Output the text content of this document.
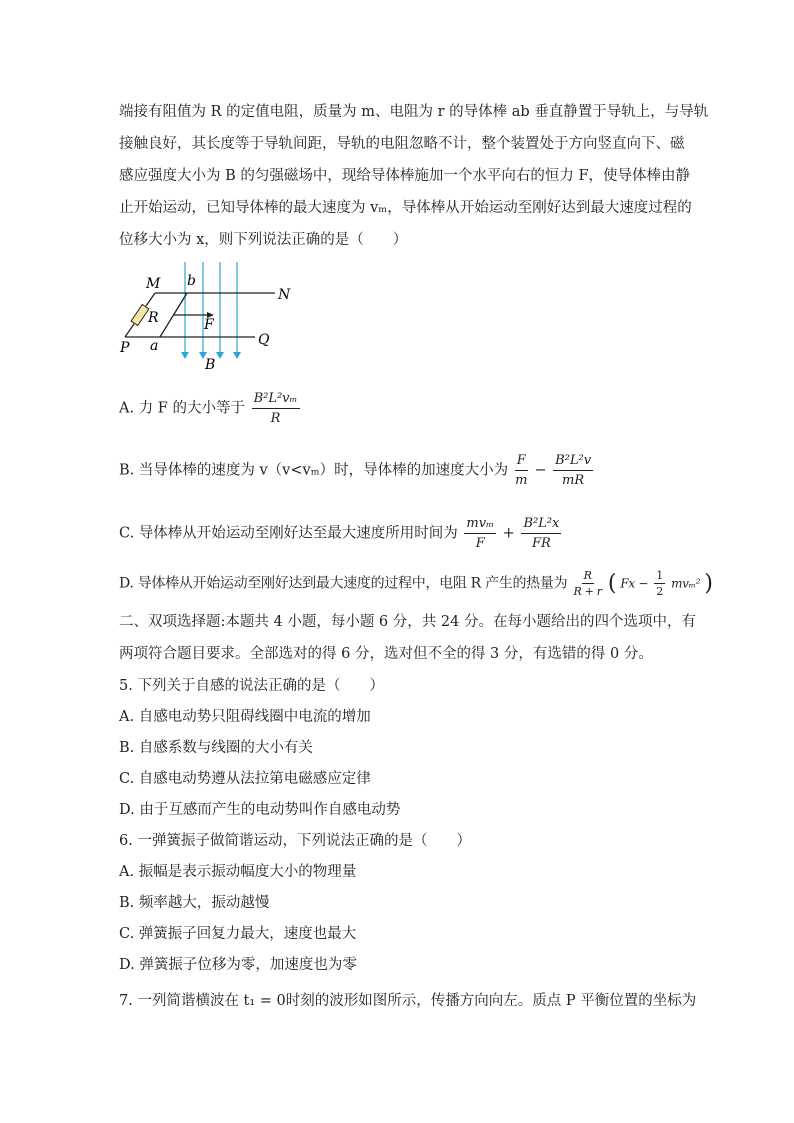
端接有阻值为 R 的定值电阻，质量为 m、电阻为 r 的导体棒 ab 垂直静置于导轨上，与导轨
接触良好，其长度等于导轨间距，导轨的电阻忽略不计，整个装置处于方向竖直向下、磁
感应强度大小为 B 的匀强磁场中，现给导体棒施加一个水平向右的恒力 F，使导体棒由静
止开始运动，已知导体棒的最大速度为 vₘ，导体棒从开始运动至刚好达到最大速度过程的
位移大小为 x，则下列说法正确的是（　　）
M b
N
R	F
P a	Q
B
A. 力 F 的大小等于 $\frac{\text{B²L²vₘ}}{R}$
B. 当导体棒的速度为 v（v<vₘ）时，导体棒的加速度大小为 $\frac{F}{m} - \frac{\text{B²L²v}}{mR}$
C. 导体棒从开始运动至刚好达至最大速度所用时间为 $\frac{\text{mvₘ}}{F} + \frac{\text{B²L²x}}{FR}$
D. 导体棒从开始运动至刚好达到最大速度的过程中，电阻 R 产生的热量为 $\frac{R}{R + r}$ ( $Fx - \frac{1}{2} mv_m^2$ )
二、双项选择题:本题共 4 小题，每小题 6 分，共 24 分。在每小题给出的四个选项中，有
两项符合题目要求。全部选对的得 6 分，选对但不全的得 3 分，有选错的得 0 分。
5. 下列关于自感的说法正确的是（　　）
A. 自感电动势只阻碍线圈中电流的增加
B. 自感系数与线圈的大小有关
C. 自感电动势遵从法拉第电磁感应定律
D. 由于互感而产生的电动势叫作自感电动势
6. 一弹簧振子做简谐运动，下列说法正确的是（　　）
A. 振幅是表示振动幅度大小的物理量
B. 频率越大，振动越慢
C. 弹簧振子回复力最大，速度也最大
D. 弹簧振子位移为零，加速度也为零
7. 一列简谐横波在 t₁ = 0时刻的波形如图所示，传播方向向左。质点 P 平衡位置的坐标为
